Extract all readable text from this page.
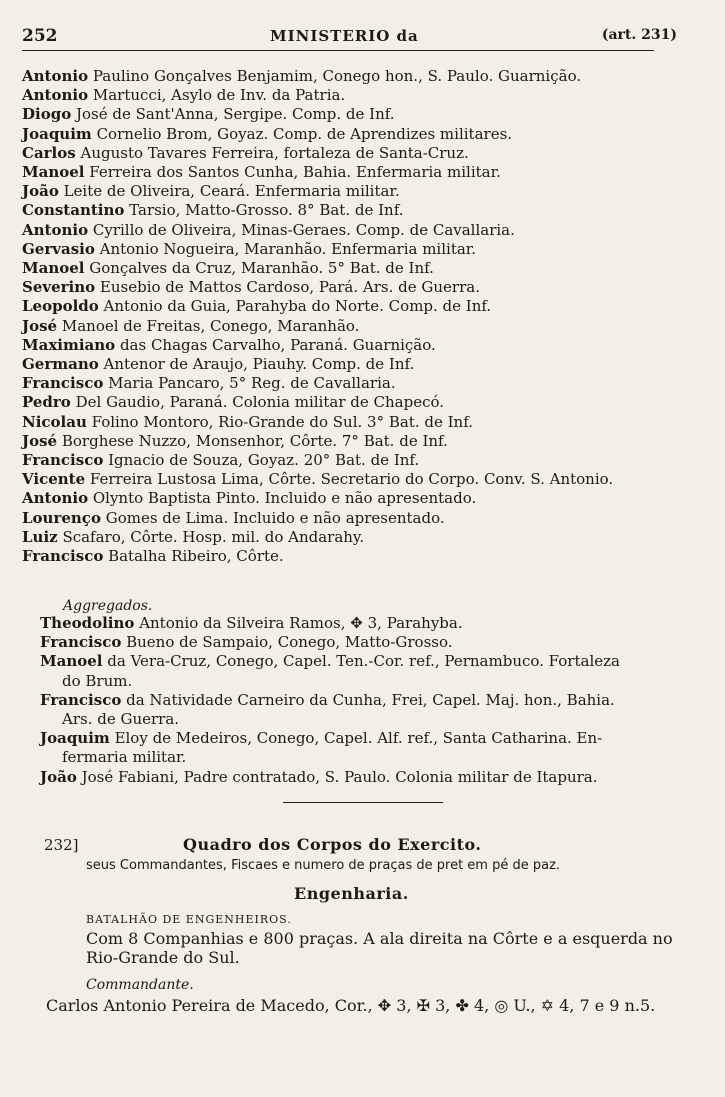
252	MINISTERIO da	(art. 231)
Antonio Paulino Gonçalves Benjamim, Conego hon., S. Paulo. Guarnição.
Antonio Martucci, Asylo de Inv. da Patria.
Diogo José de Sant'Anna, Sergipe. Comp. de Inf.
Joaquim Cornelio Brom, Goyaz. Comp. de Aprendizes militares.
Carlos Augusto Tavares Ferreira, fortaleza de Santa-Cruz.
Manoel Ferreira dos Santos Cunha, Bahia. Enfermaria militar.
João Leite de Oliveira, Ceará. Enfermaria militar.
Constantino Tarsio, Matto-Grosso. 8° Bat. de Inf.
Antonio Cyrillo de Oliveira, Minas-Geraes. Comp. de Cavallaria.
Gervasio Antonio Nogueira, Maranhão. Enfermaria militar.
Manoel Gonçalves da Cruz, Maranhão. 5° Bat. de Inf.
Severino Eusebio de Mattos Cardoso, Pará. Ars. de Guerra.
Leopoldo Antonio da Guia, Parahyba do Norte. Comp. de Inf.
José Manoel de Freitas, Conego, Maranhão.
Maximiano das Chagas Carvalho, Paraná. Guarnição.
Germano Antenor de Araujo, Piauhy. Comp. de Inf.
Francisco Maria Pancaro, 5° Reg. de Cavallaria.
Pedro Del Gaudio, Paraná. Colonia militar de Chapecó.
Nicolau Folino Montoro, Rio-Grande do Sul. 3° Bat. de Inf.
José Borghese Nuzzo, Monsenhor, Côrte. 7° Bat. de Inf.
Francisco Ignacio de Souza, Goyaz. 20° Bat. de Inf.
Vicente Ferreira Lustosa Lima, Côrte. Secretario do Corpo. Conv. S. Antonio.
Antonio Olynto Baptista Pinto. Incluido e não apresentado.
Lourenço Gomes de Lima. Incluido e não apresentado.
Luiz Scafaro, Côrte. Hosp. mil. do Andarahy.
Francisco Batalha Ribeiro, Côrte.
Aggregados.
Theodolino Antonio da Silveira Ramos, ✥ 3, Parahyba.
Francisco Bueno de Sampaio, Conego, Matto-Grosso.
Manoel da Vera-Cruz, Conego, Capel. Ten.-Cor. ref., Pernambuco. Fortaleza
do Brum.
Francisco da Natividade Carneiro da Cunha, Frei, Capel. Maj. hon., Bahia.
Ars. de Guerra.
Joaquim Eloy de Medeiros, Conego, Capel. Alf. ref., Santa Catharina. En-
fermaria militar.
João José Fabiani, Padre contratado, S. Paulo. Colonia militar de Itapura.
232]	Quadro dos Corpos do Exercito.
seus Commandantes, Fiscaes e numero de praças de pret em pé de paz.
Engenharia.
BATALHÃO DE ENGENHEIROS.
Com 8 Companhias e 800 praças. A ala direita na Côrte e a esquerda no
Rio-Grande do Sul.
Commandante.
Carlos Antonio Pereira de Macedo, Cor., ✥ 3, ✠ 3, ✤ 4, ◎ U., ✡ 4, 7 e 9 n.5.
